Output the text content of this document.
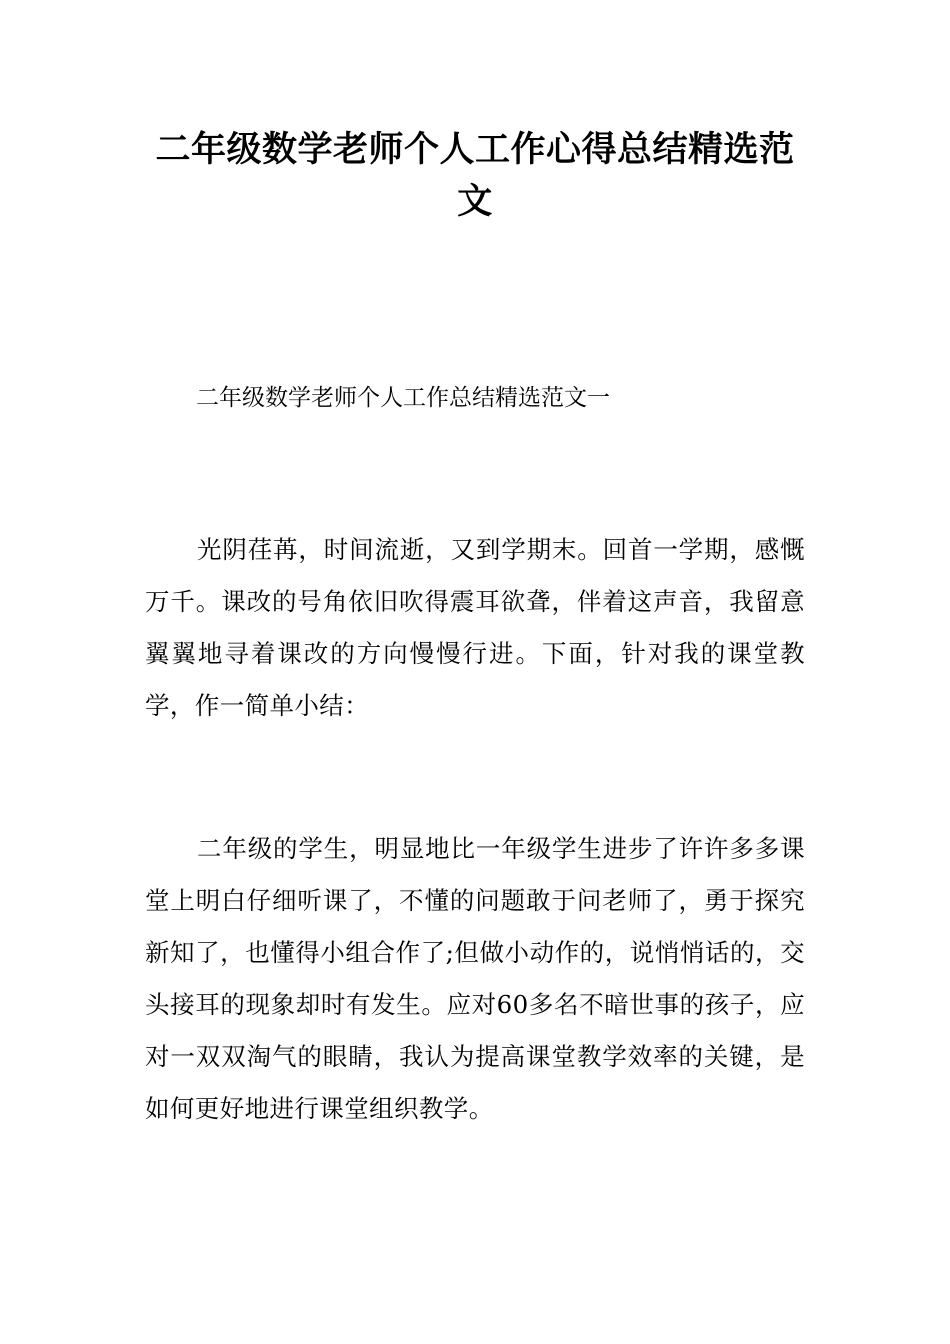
二年级数学老师个人工作心得总结精选范文

二年级数学老师个人工作总结精选范文一

光阴荏苒，时间流逝，又到学期末。回首一学期，感慨万千。课改的号角依旧吹得震耳欲聋，伴着这声音，我留意翼翼地寻着课改的方向慢慢行进。下面，针对我的课堂教学，作一简单小结：

二年级的学生，明显地比一年级学生进步了许许多多课堂上明白仔细听课了，不懂的问题敢于问老师了，勇于探究新知了，也懂得小组合作了;但做小动作的，说悄悄话的，交头接耳的现象却时有发生。应对60多名不暗世事的孩子，应对一双双淘气的眼睛，我认为提高课堂教学效率的关键，是如何更好地进行课堂组织教学。
